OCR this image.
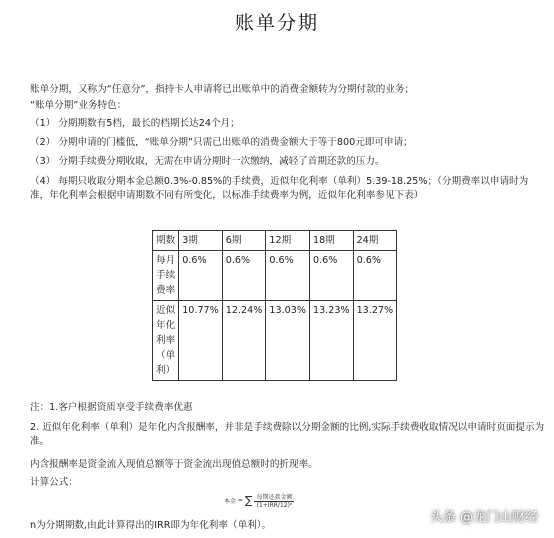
账单分期
账单分期，又称为“任意分”，指持卡人申请将已出账单中的消费金额转为分期付款的业务；
“账单分期”业务特色：
（1） 分期期数有5档，最长的档期长达24个月；
（2） 分期申请的门槛低，“账单分期”只需已出账单的消费金额大于等于800元即可申请；
（3） 分期手续费分期收取，无需在申请分期时一次缴纳，减轻了首期还款的压力。
（4） 每期只收取分期本金总额0.3%-0.85%的手续费，近似年化利率（单利）5.39-18.25%；（分期费率以申请时为准，年化利率会根据申请期数不同有所变化，以标准手续费率为例，近似年化利率参见下表）
期数	3期	6期	12期	18期	24期
每月手续费率	0.6%	0.6%	0.6%	0.6%	0.6%
近似年化利率（单利）	10.77%	12.24%	13.03%	13.23%	13.27%
注：1.客户根据资质享受手续费率优惠
2. 近似年化利率（单利）是年化内含报酬率，并非是手续费除以分期金额的比例,实际手续费收取情况以申请时页面提示为准。
内含报酬率是资金流入现值总额等于资金流出现值总额时的折现率。
计算公式：
本金 = ∑ $\frac{\text{每期还款金额}}{\text{(1+IRR/12)ⁿ}}$
n为分期期数,由此计算得出的IRR即为年化利率（单利）。
头条 @龙门山财经
